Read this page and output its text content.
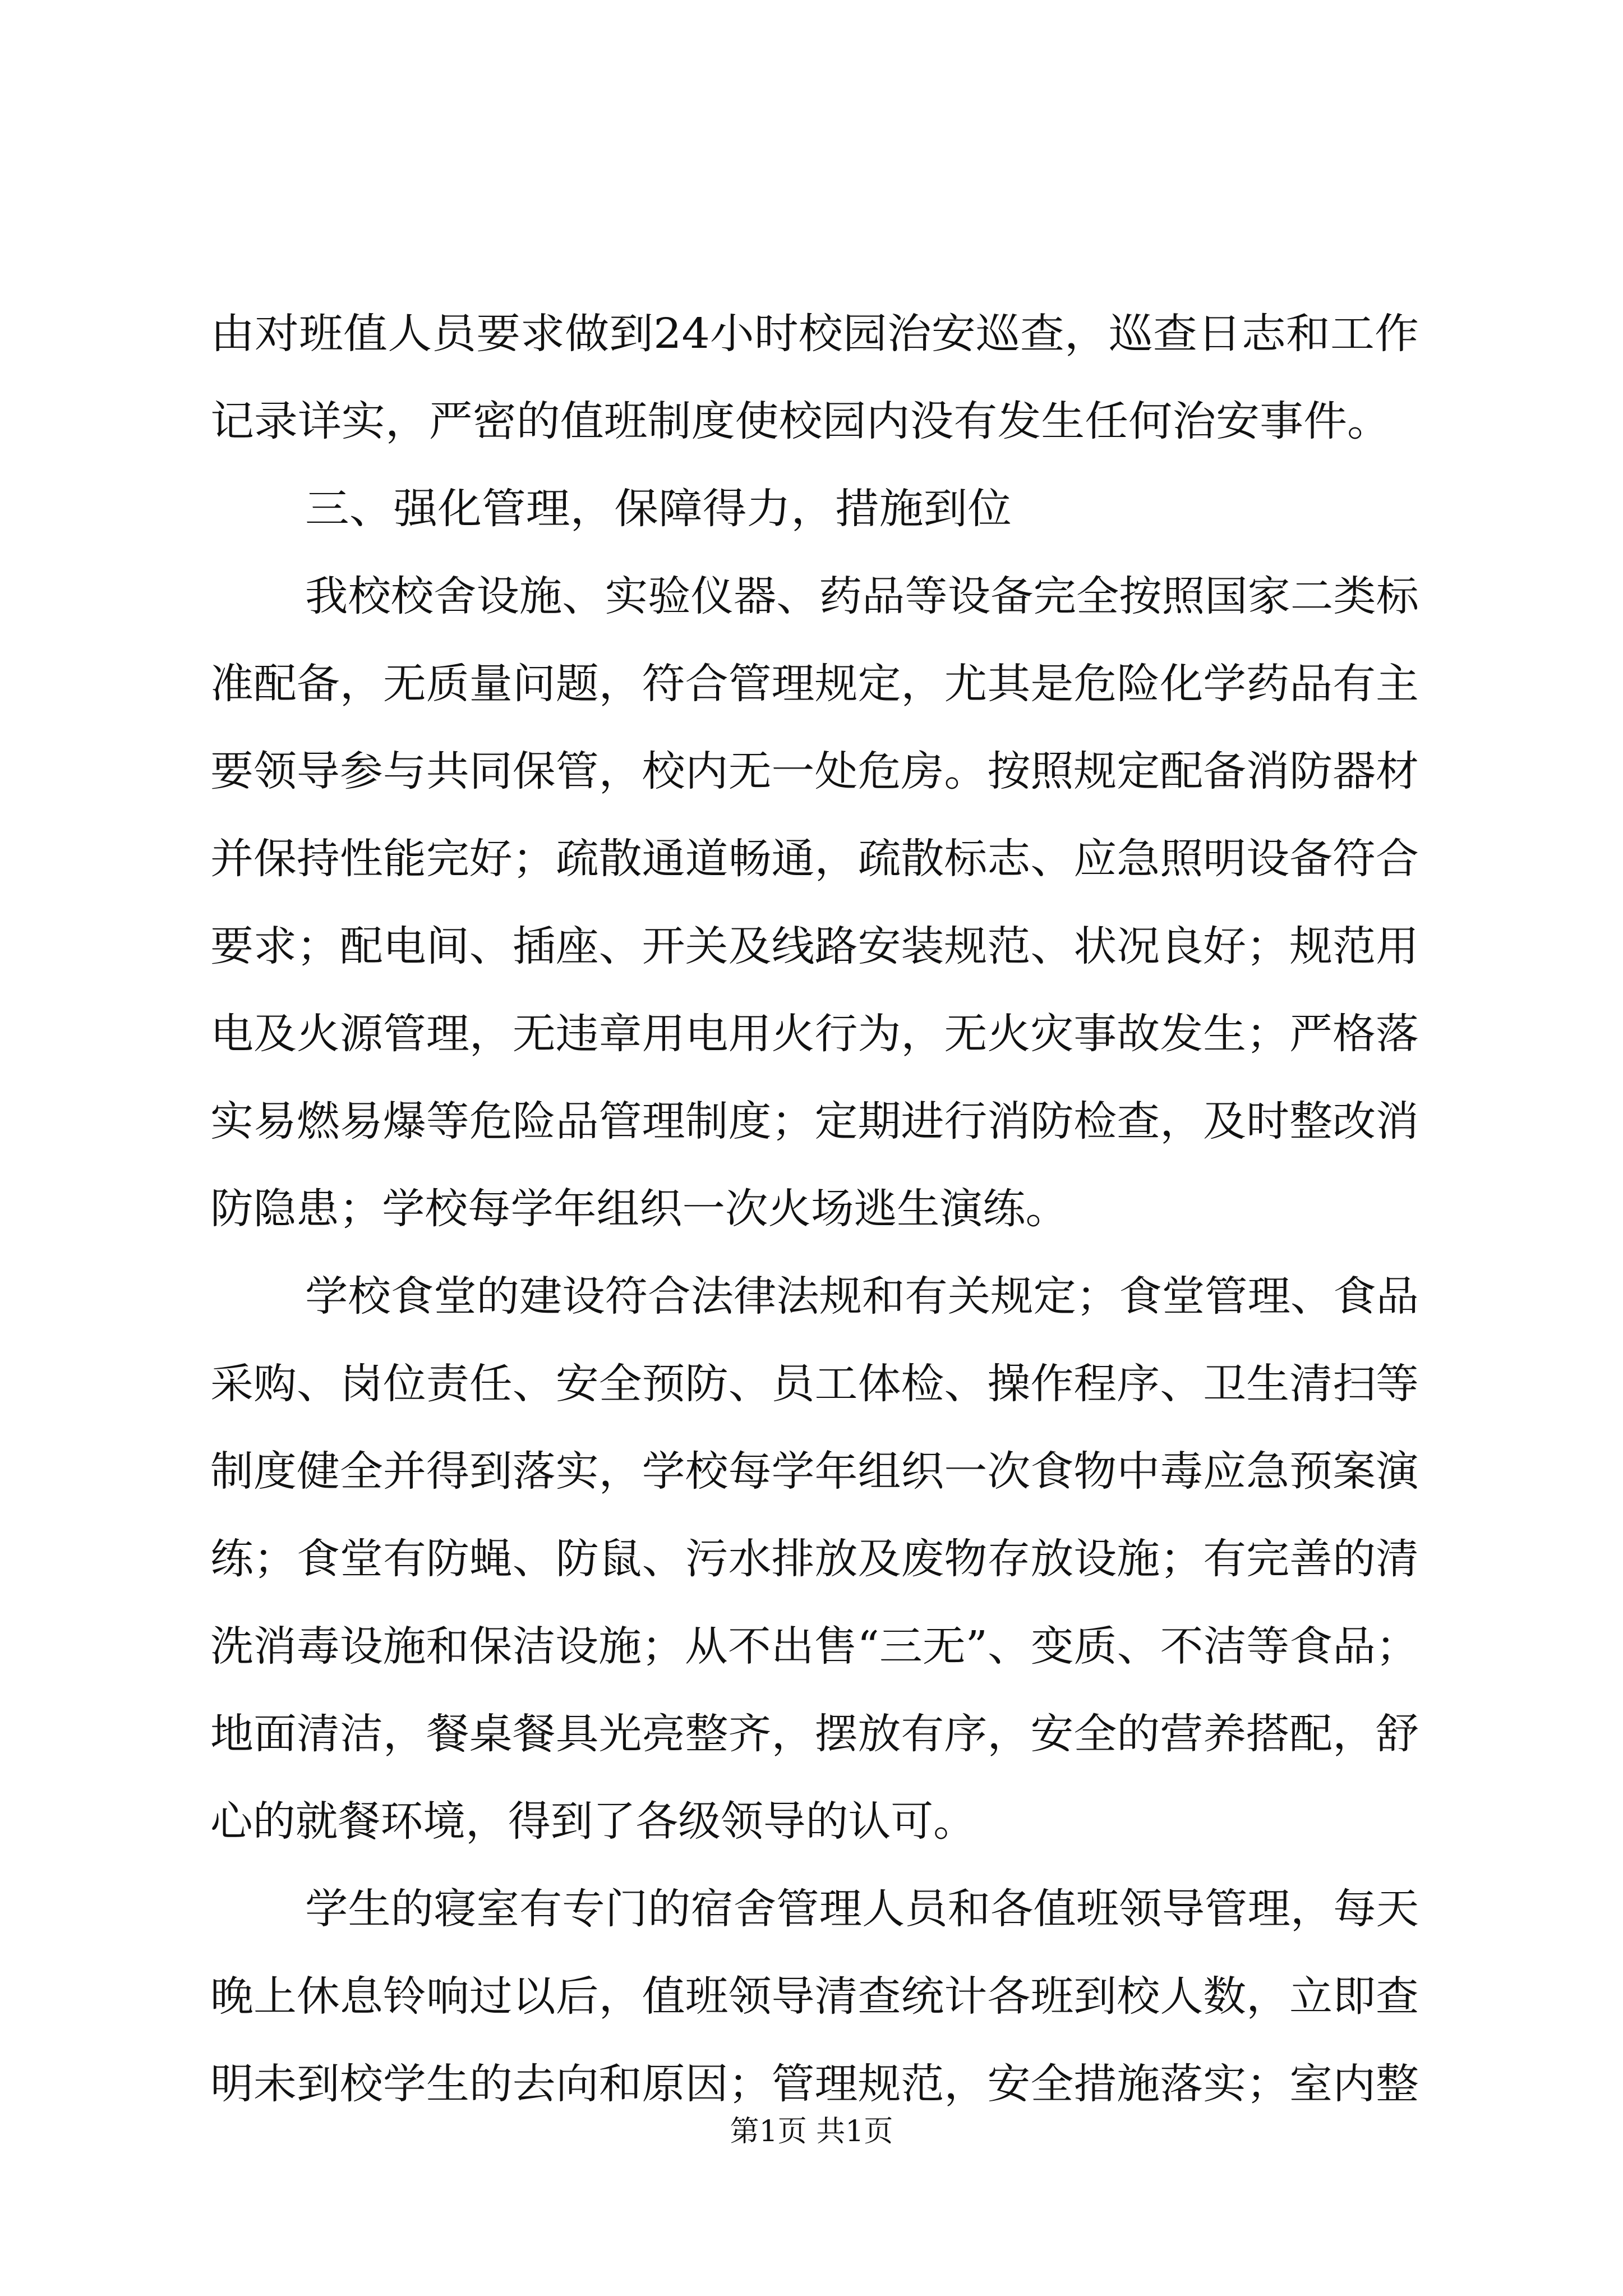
由对班值人员要求做到24小时校园治安巡查，巡查日志和工作
记录详实，严密的值班制度使校园内没有发生任何治安事件。
三、强化管理，保障得力，措施到位
我校校舍设施、实验仪器、药品等设备完全按照国家二类标
准配备，无质量问题，符合管理规定，尤其是危险化学药品有主
要领导参与共同保管，校内无一处危房。按照规定配备消防器材
并保持性能完好；疏散通道畅通，疏散标志、应急照明设备符合
要求；配电间、插座、开关及线路安装规范、状况良好；规范用
电及火源管理，无违章用电用火行为，无火灾事故发生；严格落
实易燃易爆等危险品管理制度；定期进行消防检查，及时整改消
防隐患；学校每学年组织一次火场逃生演练。
学校食堂的建设符合法律法规和有关规定；食堂管理、食品
采购、岗位责任、安全预防、员工体检、操作程序、卫生清扫等
制度健全并得到落实，学校每学年组织一次食物中毒应急预案演
练；食堂有防蝇、防鼠、污水排放及废物存放设施；有完善的清
洗消毒设施和保洁设施；从不出售“三无”、变质、不洁等食品；
地面清洁，餐桌餐具光亮整齐，摆放有序，安全的营养搭配，舒
心的就餐环境，得到了各级领导的认可。
学生的寝室有专门的宿舍管理人员和各值班领导管理，每天
晚上休息铃响过以后，值班领导清查统计各班到校人数，立即查
明未到校学生的去向和原因；管理规范，安全措施落实；室内整
第1页 共1页
